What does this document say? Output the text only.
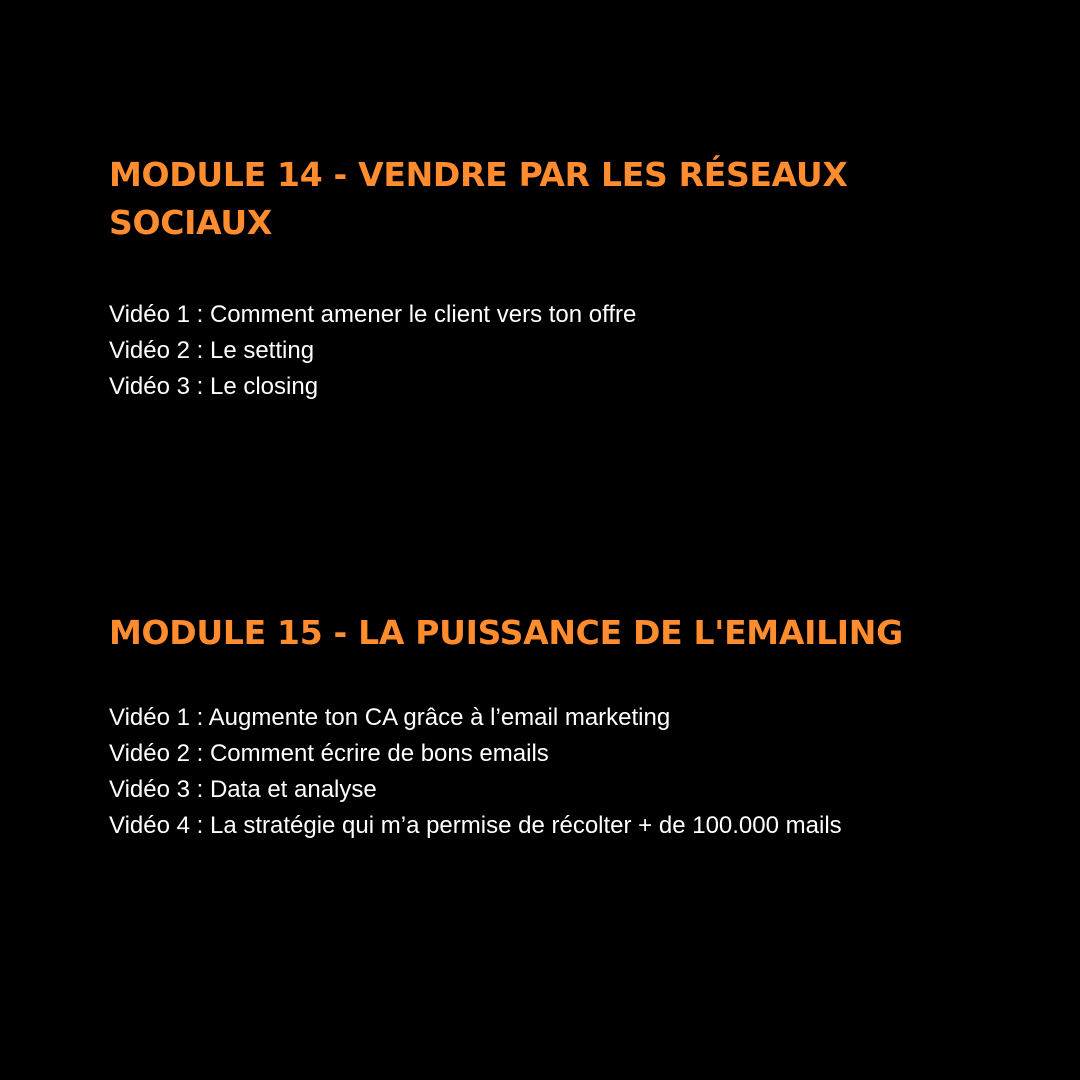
MODULE 14 - VENDRE PAR LES RÉSEAUX SOCIAUX
Vidéo 1 : Comment amener le client vers ton offre
Vidéo 2 : Le setting
Vidéo 3 : Le closing
MODULE 15 - LA PUISSANCE DE L'EMAILING
Vidéo 1 : Augmente ton CA grâce à l’email marketing
Vidéo 2 : Comment écrire de bons emails
Vidéo 3 : Data et analyse
Vidéo 4 : La stratégie qui m’a permise de récolter + de 100.000 mails
